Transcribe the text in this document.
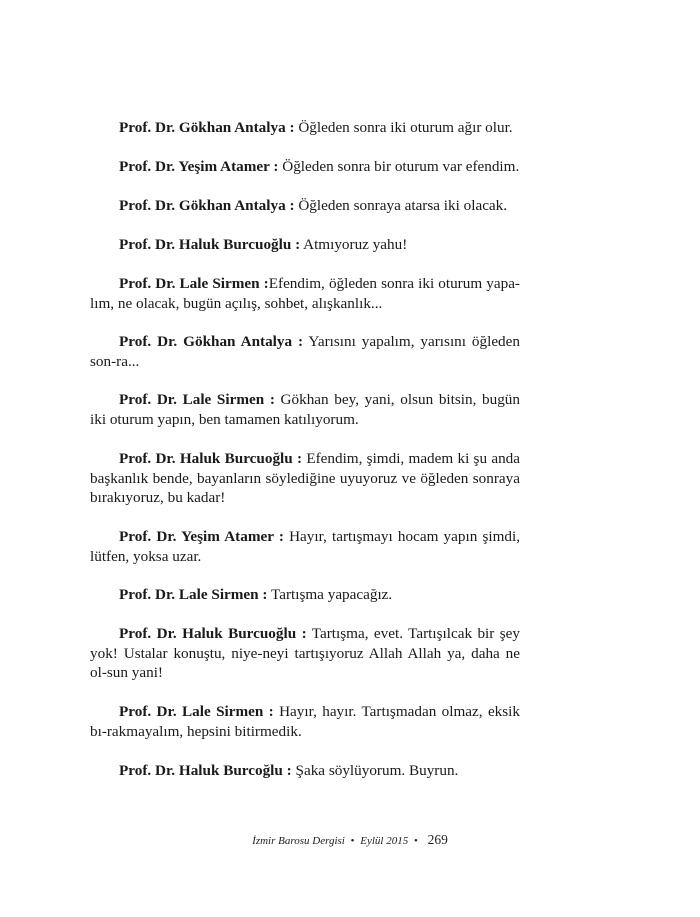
Prof. Dr. Gökhan Antalya : Öğleden sonra iki oturum ağır olur.

Prof. Dr. Yeşim Atamer : Öğleden sonra bir oturum var efendim.

Prof. Dr. Gökhan Antalya : Öğleden sonraya atarsa iki olacak.

Prof. Dr. Haluk Burcuoğlu : Atmıyoruz yahu!

Prof. Dr. Lale Sirmen :Efendim, öğleden sonra iki oturum yapa-lım, ne olacak, bugün açılış, sohbet, alışkanlık...

Prof. Dr. Gökhan Antalya : Yarısını yapalım, yarısını öğleden son-ra...

Prof. Dr. Lale Sirmen : Gökhan bey, yani, olsun bitsin, bugün iki oturum yapın, ben tamamen katılıyorum.

Prof. Dr. Haluk Burcuoğlu : Efendim, şimdi, madem ki şu anda başkanlık bende, bayanların söylediğine uyuyoruz ve öğleden sonraya bırakıyoruz, bu kadar!

Prof. Dr. Yeşim Atamer : Hayır, tartışmayı hocam yapın şimdi, lütfen, yoksa uzar.

Prof. Dr. Lale Sirmen : Tartışma yapacağız.

Prof. Dr. Haluk Burcuoğlu : Tartışma, evet. Tartışılcak bir şey yok! Ustalar konuştu, niye-neyi tartışıyoruz Allah Allah ya, daha ne ol-sun yani!

Prof. Dr. Lale Sirmen : Hayır, hayır. Tartışmadan olmaz, eksik bı-rakmayalım, hepsini bitirmedik.

Prof. Dr. Haluk Burcoğlu : Şaka söylüyorum. Buyrun.

İzmir Barosu Dergisi • Eylül 2015 • 269
